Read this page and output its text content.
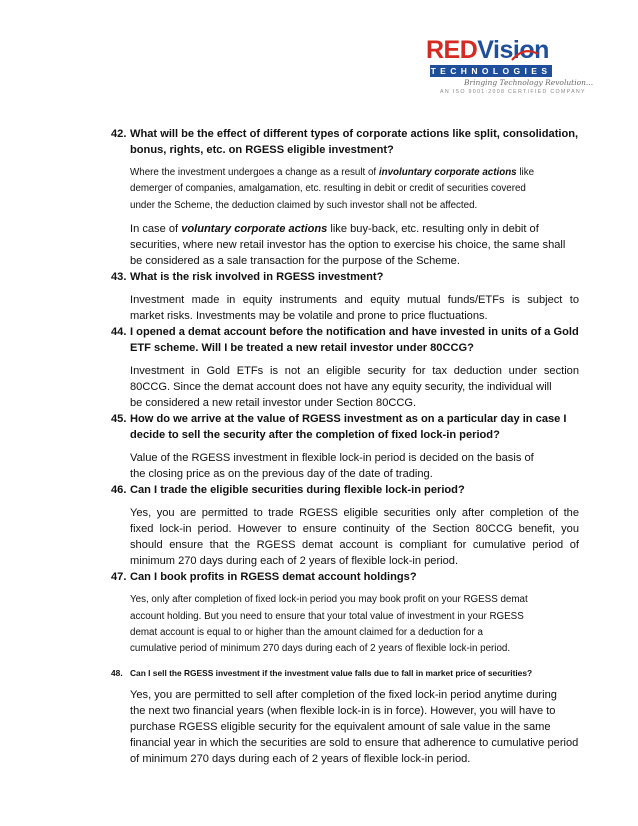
REDVision
TECHNOLOGIES
Bringing Technology Revolution...
AN ISO 9001:2008 CERTIFIED COMPANY
42. What will be the effect of different types of corporate actions like split, consolidation,
bonus, rights, etc. on RGESS eligible investment?
Where the investment undergoes a change as a result of involuntary corporate actions like
demerger of companies, amalgamation, etc. resulting in debit or credit of securities covered
under the Scheme, the deduction claimed by such investor shall not be affected.
In case of voluntary corporate actions like buy-back, etc. resulting only in debit of
securities, where new retail investor has the option to exercise his choice, the same shall
be considered as a sale transaction for the purpose of the Scheme.
43. What is the risk involved in RGESS investment?
Investment made in equity instruments and equity mutual funds/ETFs is subject to
market risks. Investments may be volatile and prone to price fluctuations.
44. I opened a demat account before the notification and have invested in units of a Gold
ETF scheme. Will I be treated a new retail investor under 80CCG?
Investment in Gold ETFs is not an eligible security for tax deduction under section
80CCG. Since the demat account does not have any equity security, the individual will
be considered a new retail investor under Section 80CCG.
45. How do we arrive at the value of RGESS investment as on a particular day in case I
decide to sell the security after the completion of fixed lock-in period?
Value of the RGESS investment in flexible lock-in period is decided on the basis of
the closing price as on the previous day of the date of trading.
46. Can I trade the eligible securities during flexible lock-in period?
Yes, you are permitted to trade RGESS eligible securities only after completion of the
fixed lock-in period. However to ensure continuity of the Section 80CCG benefit, you
should ensure that the RGESS demat account is compliant for cumulative period of
minimum 270 days during each of 2 years of flexible lock-in period.
47. Can I book profits in RGESS demat account holdings?
Yes, only after completion of fixed lock-in period you may book profit on your RGESS demat
account holding. But you need to ensure that your total value of investment in your RGESS
demat account is equal to or higher than the amount claimed for a deduction for a
cumulative period of minimum 270 days during each of 2 years of flexible lock-in period.
48. Can I sell the RGESS investment if the investment value falls due to fall in market price of securities?
Yes, you are permitted to sell after completion of the fixed lock-in period anytime during
the next two financial years (when flexible lock-in is in force). However, you will have to
purchase RGESS eligible security for the equivalent amount of sale value in the same
financial year in which the securities are sold to ensure that adherence to cumulative period
of minimum 270 days during each of 2 years of flexible lock-in period.
